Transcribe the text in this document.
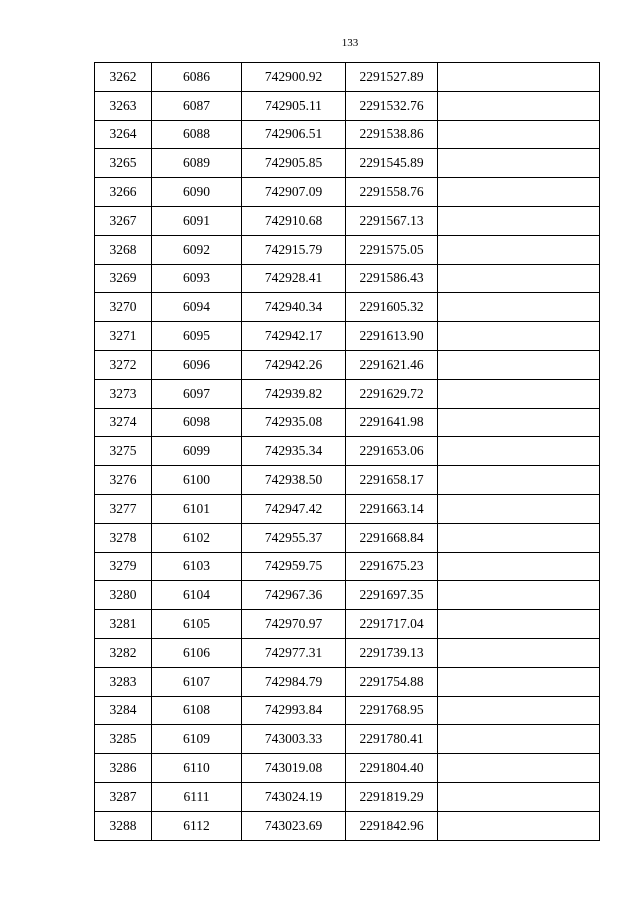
133
3262	6086	742900.92	2291527.89	
3263	6087	742905.11	2291532.76	
3264	6088	742906.51	2291538.86	
3265	6089	742905.85	2291545.89	
3266	6090	742907.09	2291558.76	
3267	6091	742910.68	2291567.13	
3268	6092	742915.79	2291575.05	
3269	6093	742928.41	2291586.43	
3270	6094	742940.34	2291605.32	
3271	6095	742942.17	2291613.90	
3272	6096	742942.26	2291621.46	
3273	6097	742939.82	2291629.72	
3274	6098	742935.08	2291641.98	
3275	6099	742935.34	2291653.06	
3276	6100	742938.50	2291658.17	
3277	6101	742947.42	2291663.14	
3278	6102	742955.37	2291668.84	
3279	6103	742959.75	2291675.23	
3280	6104	742967.36	2291697.35	
3281	6105	742970.97	2291717.04	
3282	6106	742977.31	2291739.13	
3283	6107	742984.79	2291754.88	
3284	6108	742993.84	2291768.95	
3285	6109	743003.33	2291780.41	
3286	6110	743019.08	2291804.40	
3287	6111	743024.19	2291819.29	
3288	6112	743023.69	2291842.96	
